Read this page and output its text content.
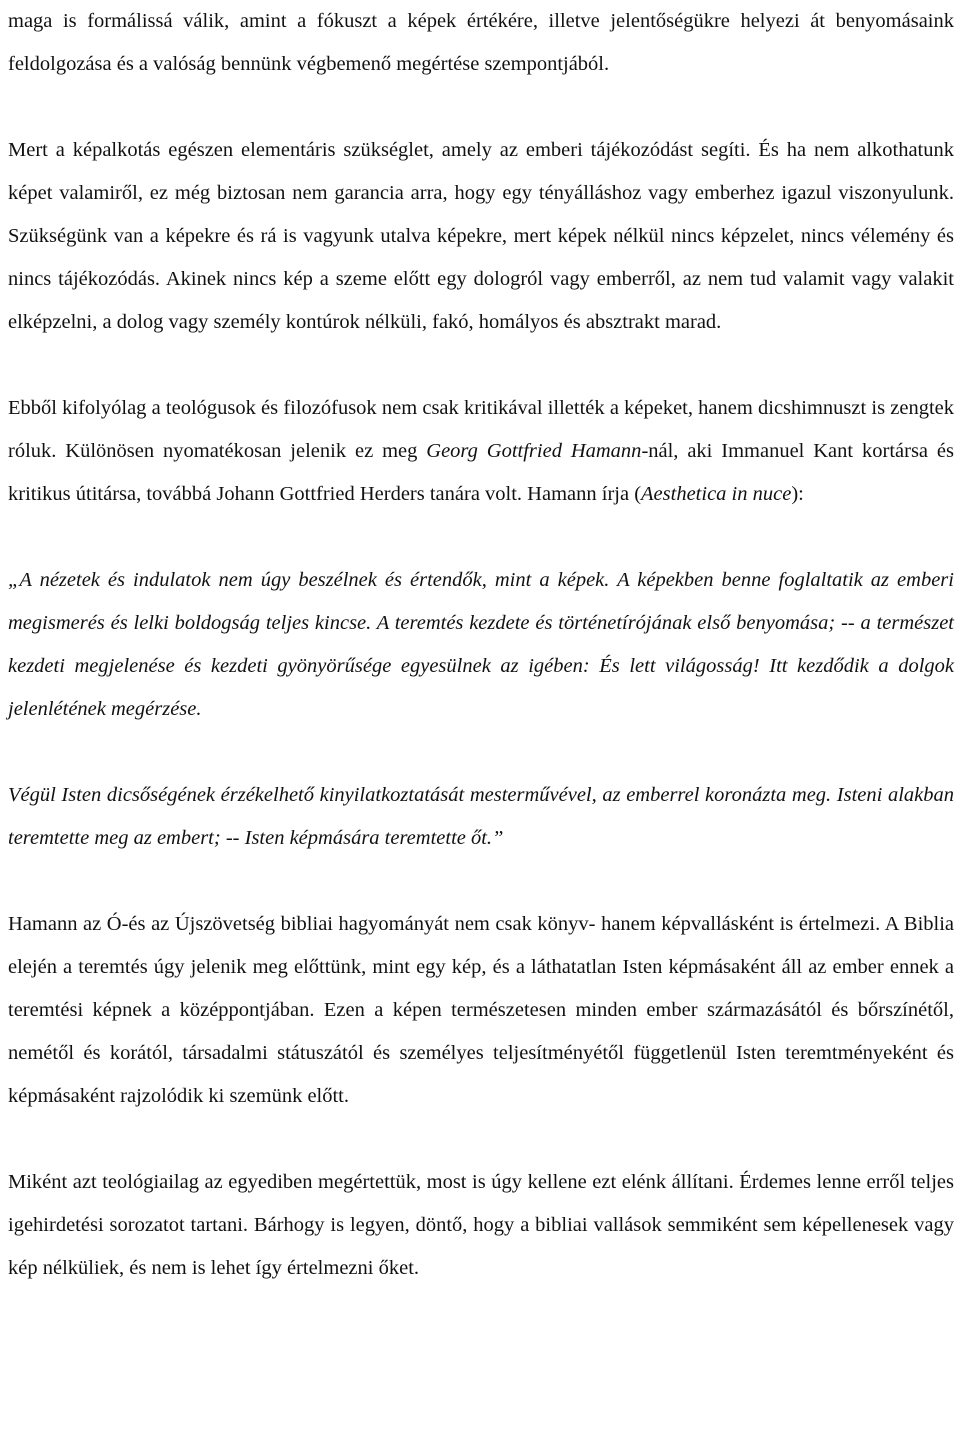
maga is formálissá válik, amint a fókuszt a képek értékére, illetve jelentőségükre helyezi át benyomásaink feldolgozása és a valóság bennünk végbemenő megértése szempontjából.

Mert a képalkotás egészen elementáris szükséglet, amely az emberi tájékozódást segíti. És ha nem alkothatunk képet valamiről, ez még biztosan nem garancia arra, hogy egy tényálláshoz vagy emberhez igazul viszonyulunk. Szükségünk van a képekre és rá is vagyunk utalva képekre, mert képek nélkül nincs képzelet, nincs vélemény és nincs tájékozódás. Akinek nincs kép a szeme előtt egy dologról vagy emberről, az nem tud valamit vagy valakit elképzelni, a dolog vagy személy kontúrok nélküli, fakó, homályos és absztrakt marad.

Ebből kifolyólag a teológusok és filozófusok nem csak kritikával illették a képeket, hanem dicshimnuszt is zengtek róluk. Különösen nyomatékosan jelenik ez meg Georg Gottfried Hamann-nál, aki Immanuel Kant kortársa és kritikus útitársa, továbbá Johann Gottfried Herders tanára volt. Hamann írja (Aesthetica in nuce):

„A nézetek és indulatok nem úgy beszélnek és értendők, mint a képek. A képekben benne foglaltatik az emberi megismerés és lelki boldogság teljes kincse. A teremtés kezdete és történetírójának első benyomása; -- a természet kezdeti megjelenése és kezdeti gyönyörűsége egyesülnek az igében: És lett világosság! Itt kezdődik a dolgok jelenlétének megérzése.

Végül Isten dicsőségének érzékelhető kinyilatkoztatását mesterművével, az emberrel koronázta meg. Isteni alakban teremtette meg az embert; -- Isten képmására teremtette őt.”

Hamann az Ó-és az Újszövetség bibliai hagyományát nem csak könyv- hanem képvallásként is értelmezi. A Biblia elején a teremtés úgy jelenik meg előttünk, mint egy kép, és a láthatatlan Isten képmásaként áll az ember ennek a teremtési képnek a középpontjában. Ezen a képen természetesen minden ember származásától és bőrszínétől, nemétől és korától, társadalmi státuszától és személyes teljesítményétől függetlenül Isten teremtményeként és képmásaként rajzolódik ki szemünk előtt.

Miként azt teológiailag az egyediben megértettük, most is úgy kellene ezt elénk állítani. Érdemes lenne erről teljes igehirdetési sorozatot tartani. Bárhogy is legyen, döntő, hogy a bibliai vallások semmiként sem képellenesek vagy kép nélküliek, és nem is lehet így értelmezni őket.
